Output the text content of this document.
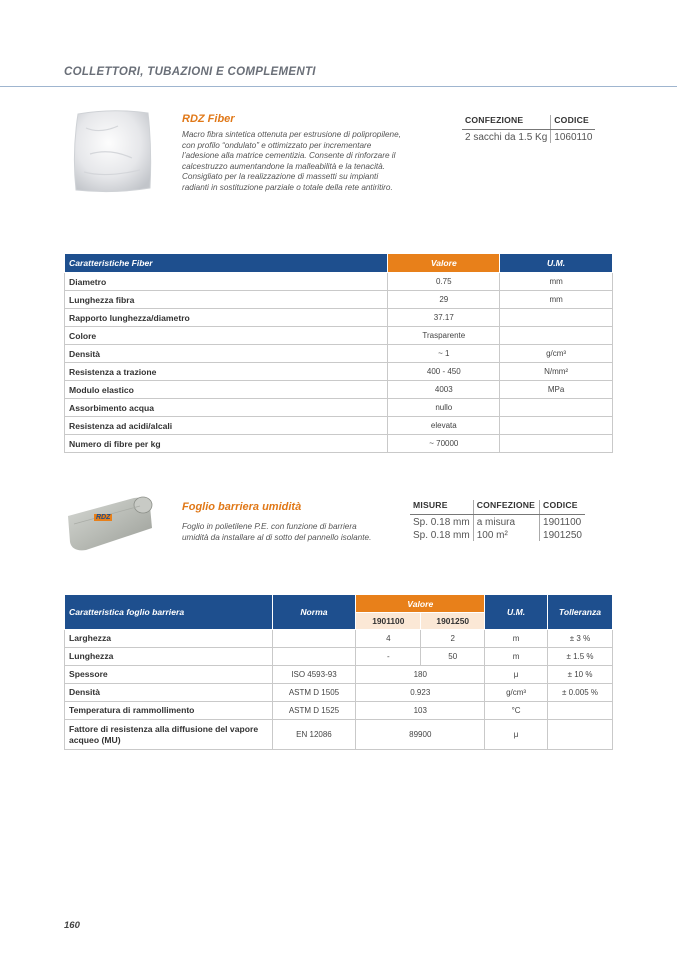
COLLETTORI, TUBAZIONI E COMPLEMENTI
RDZ Fiber
Macro fibra sintetica ottenuta per estrusione di polipropilene, con profilo “ondulato” e ottimizzato per incrementare l’adesione alla matrice cementizia. Consente di rinforzare il calcestruzzo aumentandone la malleabilità e la tenacità. Consigliato per la realizzazione di massetti su impianti radianti in sostituzione parziale o totale della rete antiritiro.
CONFEZIONE	CODICE
2 sacchi da 1.5 Kg	1060110
Caratteristiche Fiber	Valore	U.M.
Diametro	0.75	mm
Lunghezza fibra	29	mm
Rapporto lunghezza/diametro	37.17	
Colore	Trasparente	
Densità	~ 1	g/cm³
Resistenza a trazione	400 - 450	N/mm²
Modulo elastico	4003	MPa
Assorbimento acqua	nullo	
Resistenza ad acidi/alcali	elevata	
Numero di fibre per kg	~ 70000	
RDZ
Foglio barriera umidità
Foglio in polietilene P.E. con funzione di barriera umidità da installare al di sotto del pannello isolante.
MISURE	CONFEZIONE	CODICE
Sp. 0.18 mm	a misura	1901100
Sp. 0.18 mm	100 m²	1901250
Caratteristica foglio barriera	Norma	Valore		U.M.	Tolleranza
		1901100	1901250		
Larghezza		4	2	m	± 3 %
Lunghezza		-	50	m	± 1.5 %
Spessore	ISO 4593-93	180		μ	± 10 %
Densità	ASTM D 1505	0.923		g/cm³	± 0.005 %
Temperatura di rammollimento	ASTM D 1525	103		°C	
Fattore di resistenza alla diffusione del vapore acqueo (MU)	EN 12086	89900		μ	
160
